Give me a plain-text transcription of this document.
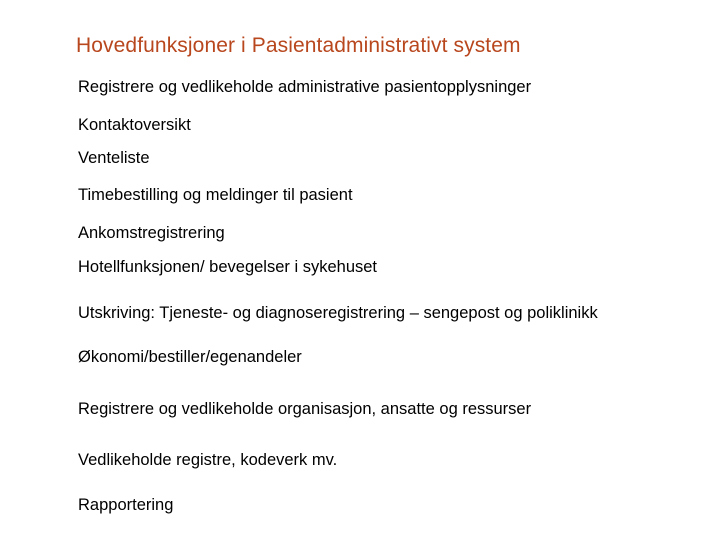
Hovedfunksjoner i Pasientadministrativt system
Registrere og vedlikeholde administrative pasientopplysninger
Kontaktoversikt
Venteliste
Timebestilling og meldinger til pasient
Ankomstregistrering
Hotellfunksjonen/ bevegelser i sykehuset
Utskriving: Tjeneste- og diagnoseregistrering – sengepost og poliklinikk
Økonomi/bestiller/egenandeler
Registrere og vedlikeholde organisasjon, ansatte og ressurser
Vedlikeholde registre, kodeverk mv.
Rapportering
